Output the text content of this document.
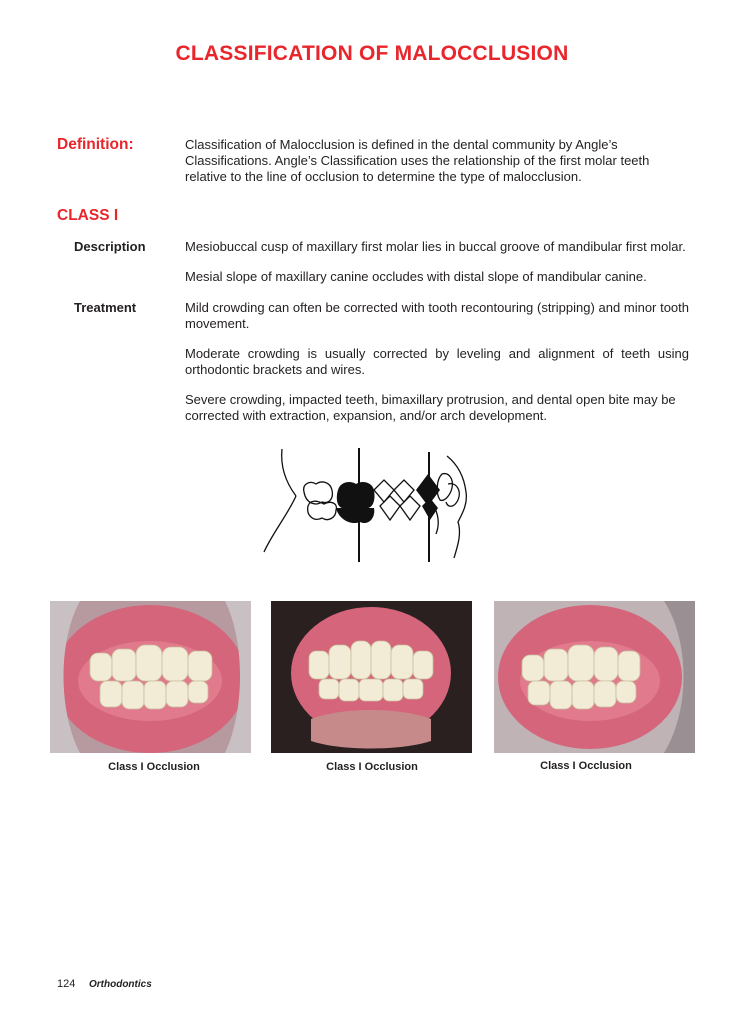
CLASSIFICATION OF MALOCCLUSION
Definition:	Classification of Malocclusion is defined in the dental community by Angle’s Classifications. Angle’s Classification uses the relationship of the first molar teeth relative to the line of occlusion to determine the type of malocclusion.
CLASS I
Description	Mesiobuccal cusp of maxillary first molar lies in buccal groove of mandibular first molar.
Mesial slope of maxillary canine occludes with distal slope of mandibular canine.
Treatment	Mild crowding can often be corrected with tooth recontouring (stripping) and minor tooth movement.
Moderate crowding is usually corrected by leveling and alignment of teeth using orthodontic brackets and wires.
Severe crowding, impacted teeth, bimaxillary protrusion, and dental open bite may be corrected with extraction, expansion, and/or arch development.
Class I Occlusion	Class I Occlusion	Class I Occlusion
124 Orthodontics
